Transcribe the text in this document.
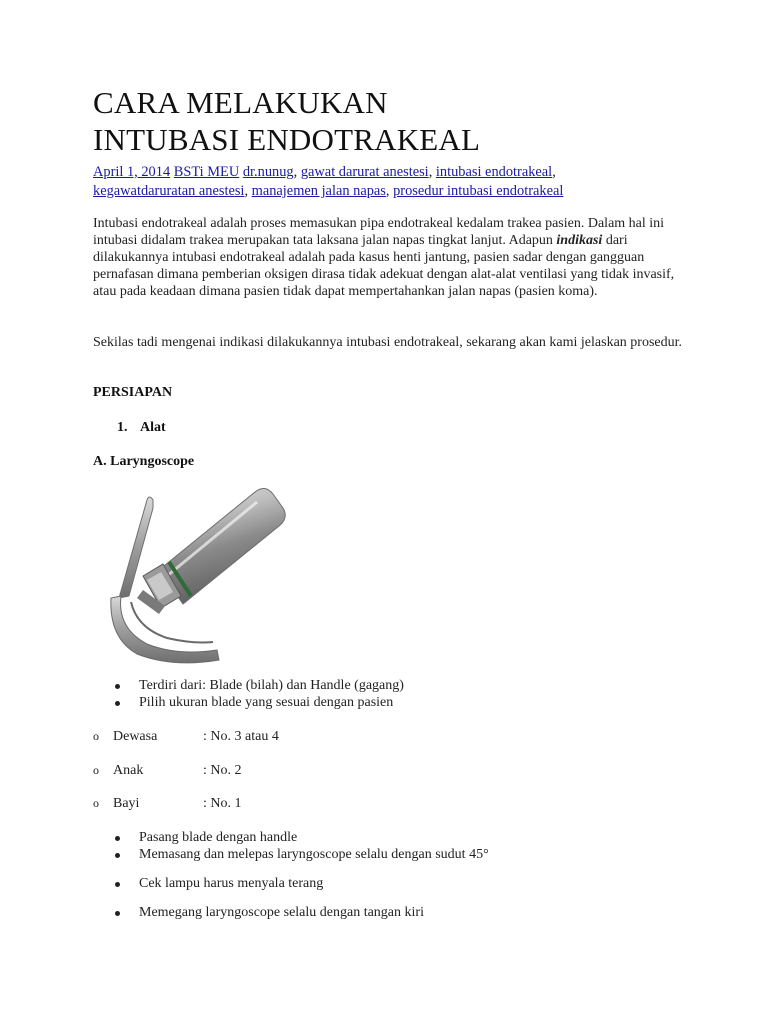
CARA MELAKUKAN
INTUBASI ENDOTRAKEAL
April 1, 2014 BSTi MEU dr.nunug, gawat darurat anestesi, intubasi endotrakeal,
kegawatdaruratan anestesi, manajemen jalan napas, prosedur intubasi endotrakeal

Intubasi endotrakeal adalah proses memasukan pipa endotrakeal kedalam trakea pasien. Dalam hal ini intubasi didalam trakea merupakan tata laksana jalan napas tingkat lanjut. Adapun indikasi dari dilakukannya intubasi endotrakeal adalah pada kasus henti jantung, pasien sadar dengan gangguan pernafasan dimana pemberian oksigen dirasa tidak adekuat dengan alat-alat ventilasi yang tidak invasif, atau pada keadaan dimana pasien tidak dapat mempertahankan jalan napas (pasien koma).

Sekilas tadi mengenai indikasi dilakukannya intubasi endotrakeal, sekarang akan kami jelaskan prosedur.

PERSIAPAN
1. Alat
A. Laryngoscope
Terdiri dari: Blade (bilah) dan Handle (gagang)
Pilih ukuran blade yang sesuai dengan pasien
o Dewasa	: No. 3 atau 4
o Anak	: No. 2
o Bayi	: No. 1
Pasang blade dengan handle
Memasang dan melepas laryngoscope selalu dengan sudut 45°
Cek lampu harus menyala terang
Memegang laryngoscope selalu dengan tangan kiri
